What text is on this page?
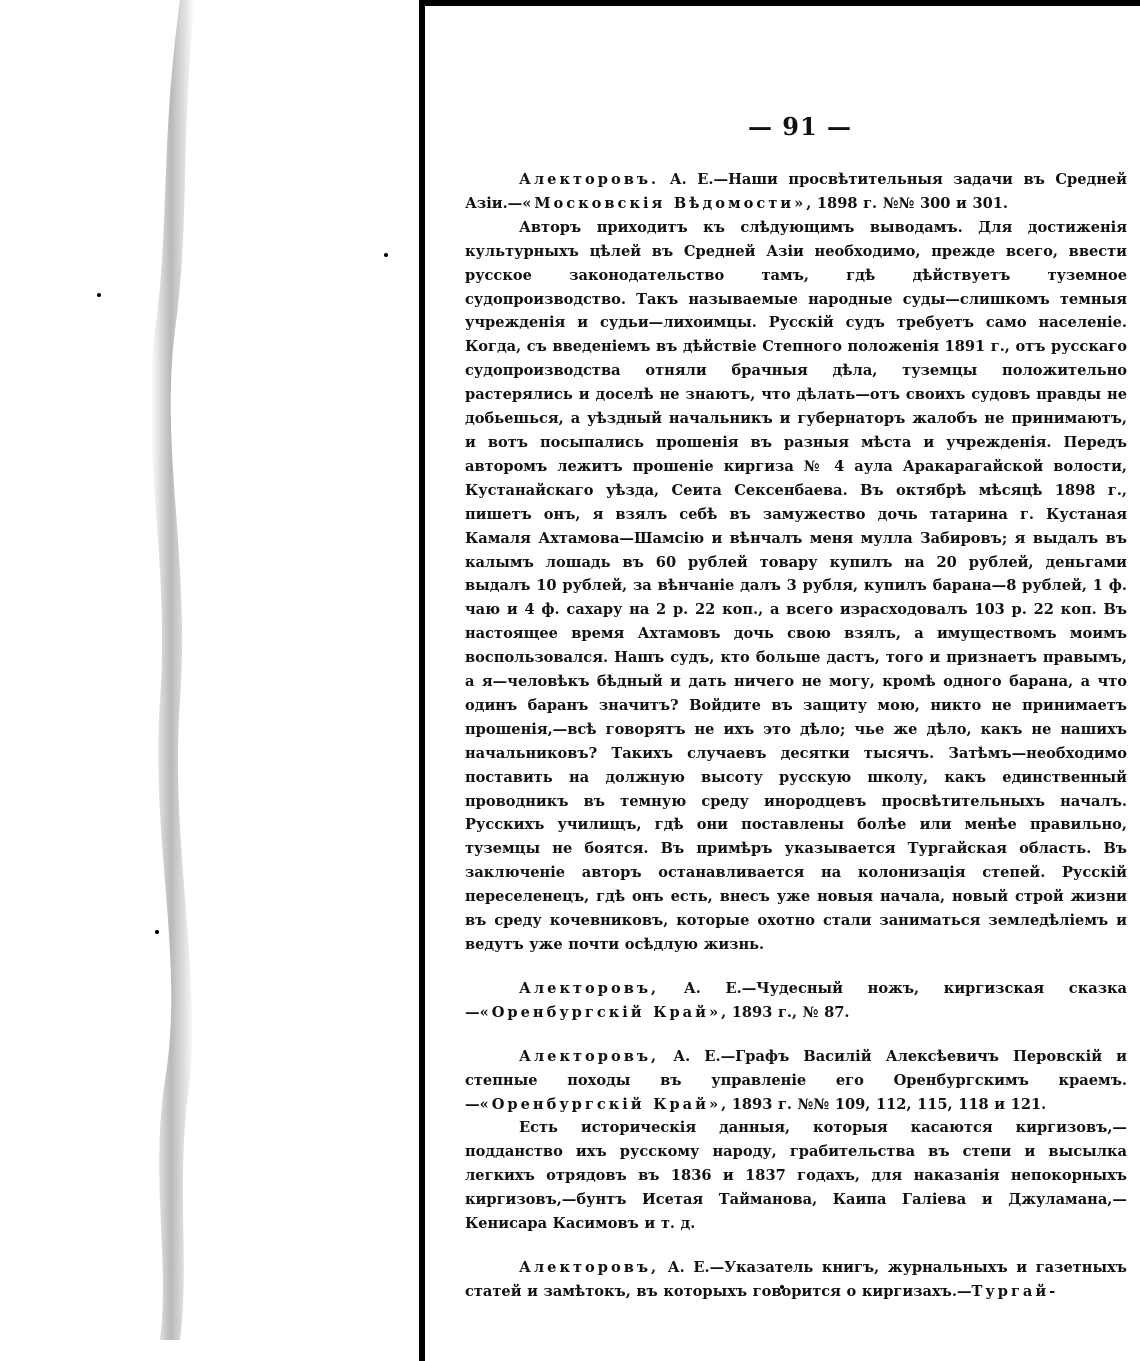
— 91 —

Алекторовъ. А. Е.—Наши просвѣтительныя задачи въ Средней Азіи.—«Московскія Вѣдомости», 1898 г. №№ 300 и 301.

Авторъ приходитъ къ слѣдующимъ выводамъ. Для достиженія культурныхъ цѣлей въ Средней Азіи необходимо, прежде всего, ввести русское законодательство тамъ, гдѣ дѣйствуетъ туземное судопроизводство. Такъ называемые народные суды—слишкомъ темныя учрежденія и судьи—лихоимцы. Русскій судъ требуетъ само населеніе. Когда, съ введеніемъ въ дѣйствіе Степного положенія 1891 г., отъ русскаго судопроизводства отняли брачныя дѣла, туземцы положительно растерялись и доселѣ не знаютъ, что дѣлать—отъ своихъ судовъ правды не добьешься, а уѣздный начальникъ и губернаторъ жалобъ не принимаютъ, и вотъ посыпались прошенія въ разныя мѣста и учрежденія. Передъ авторомъ лежитъ прошеніе киргиза № 4 аула Аракарагайской волости, Кустанайскаго уѣзда, Сеита Сексенбаева. Въ октябрѣ мѣсяцѣ 1898 г., пишетъ онъ, я взялъ себѣ въ замужество дочь татарина г. Кустаная Камаля Ахтамова—Шамсію и вѣнчалъ меня мулла Забировъ; я выдалъ въ калымъ лошадь въ 60 рублей товару купилъ на 20 рублей, деньгами выдалъ 10 рублей, за вѣнчаніе далъ 3 рубля, купилъ барана—8 рублей, 1 ф. чаю и 4 ф. сахару на 2 р. 22 коп., а всего израсходовалъ 103 р. 22 коп. Въ настоящее время Ахтамовъ дочь свою взялъ, а имуществомъ моимъ воспользовался. Нашъ судъ, кто больше дастъ, того и признаетъ правымъ, а я—человѣкъ бѣдный и дать ничего не могу, кромѣ одного барана, а что одинъ баранъ значитъ? Войдите въ защиту мою, никто не принимаетъ прошенія,—всѣ говорятъ не ихъ это дѣло; чье же дѣло, какъ не нашихъ начальниковъ? Такихъ случаевъ десятки тысячъ. Затѣмъ—необходимо поставить на должную высоту русскую школу, какъ единственный проводникъ въ темную среду инородцевъ просвѣтительныхъ началъ. Русскихъ училищъ, гдѣ они поставлены болѣе или менѣе правильно, туземцы не боятся. Въ примѣръ указывается Тургайская область. Въ заключеніе авторъ останавливается на колонизація степей. Русскій переселенецъ, гдѣ онъ есть, внесъ уже новыя начала, новый строй жизни въ среду кочевниковъ, которые охотно стали заниматься земледѣліемъ и ведутъ уже почти осѣдлую жизнь.

Алекторовъ, А. Е.—Чудесный ножъ, киргизская сказка—«Оренбургскій Край», 1893 г., № 87.

Алекторовъ, А. Е.—Графъ Василій Алексѣевичъ Перовскій и степные походы въ управленіе его Оренбургскимъ краемъ.—«Оренбургскій Край», 1893 г. №№ 109, 112, 115, 118 и 121.

Есть историческія данныя, которыя касаются киргизовъ,—подданство ихъ русскому народу, грабительства въ степи и высылка легкихъ отрядовъ въ 1836 и 1837 годахъ, для наказанія непокорныхъ киргизовъ,—бунтъ Исетая Тайманова, Каипа Галіева и Джуламана,—Кенисара Касимовъ и т. д.

Алекторовъ, А. Е.—Указатель книгъ, журнальныхъ и газетныхъ статей и замѣтокъ, въ которыхъ говорится о киргизахъ.—Тургай-
